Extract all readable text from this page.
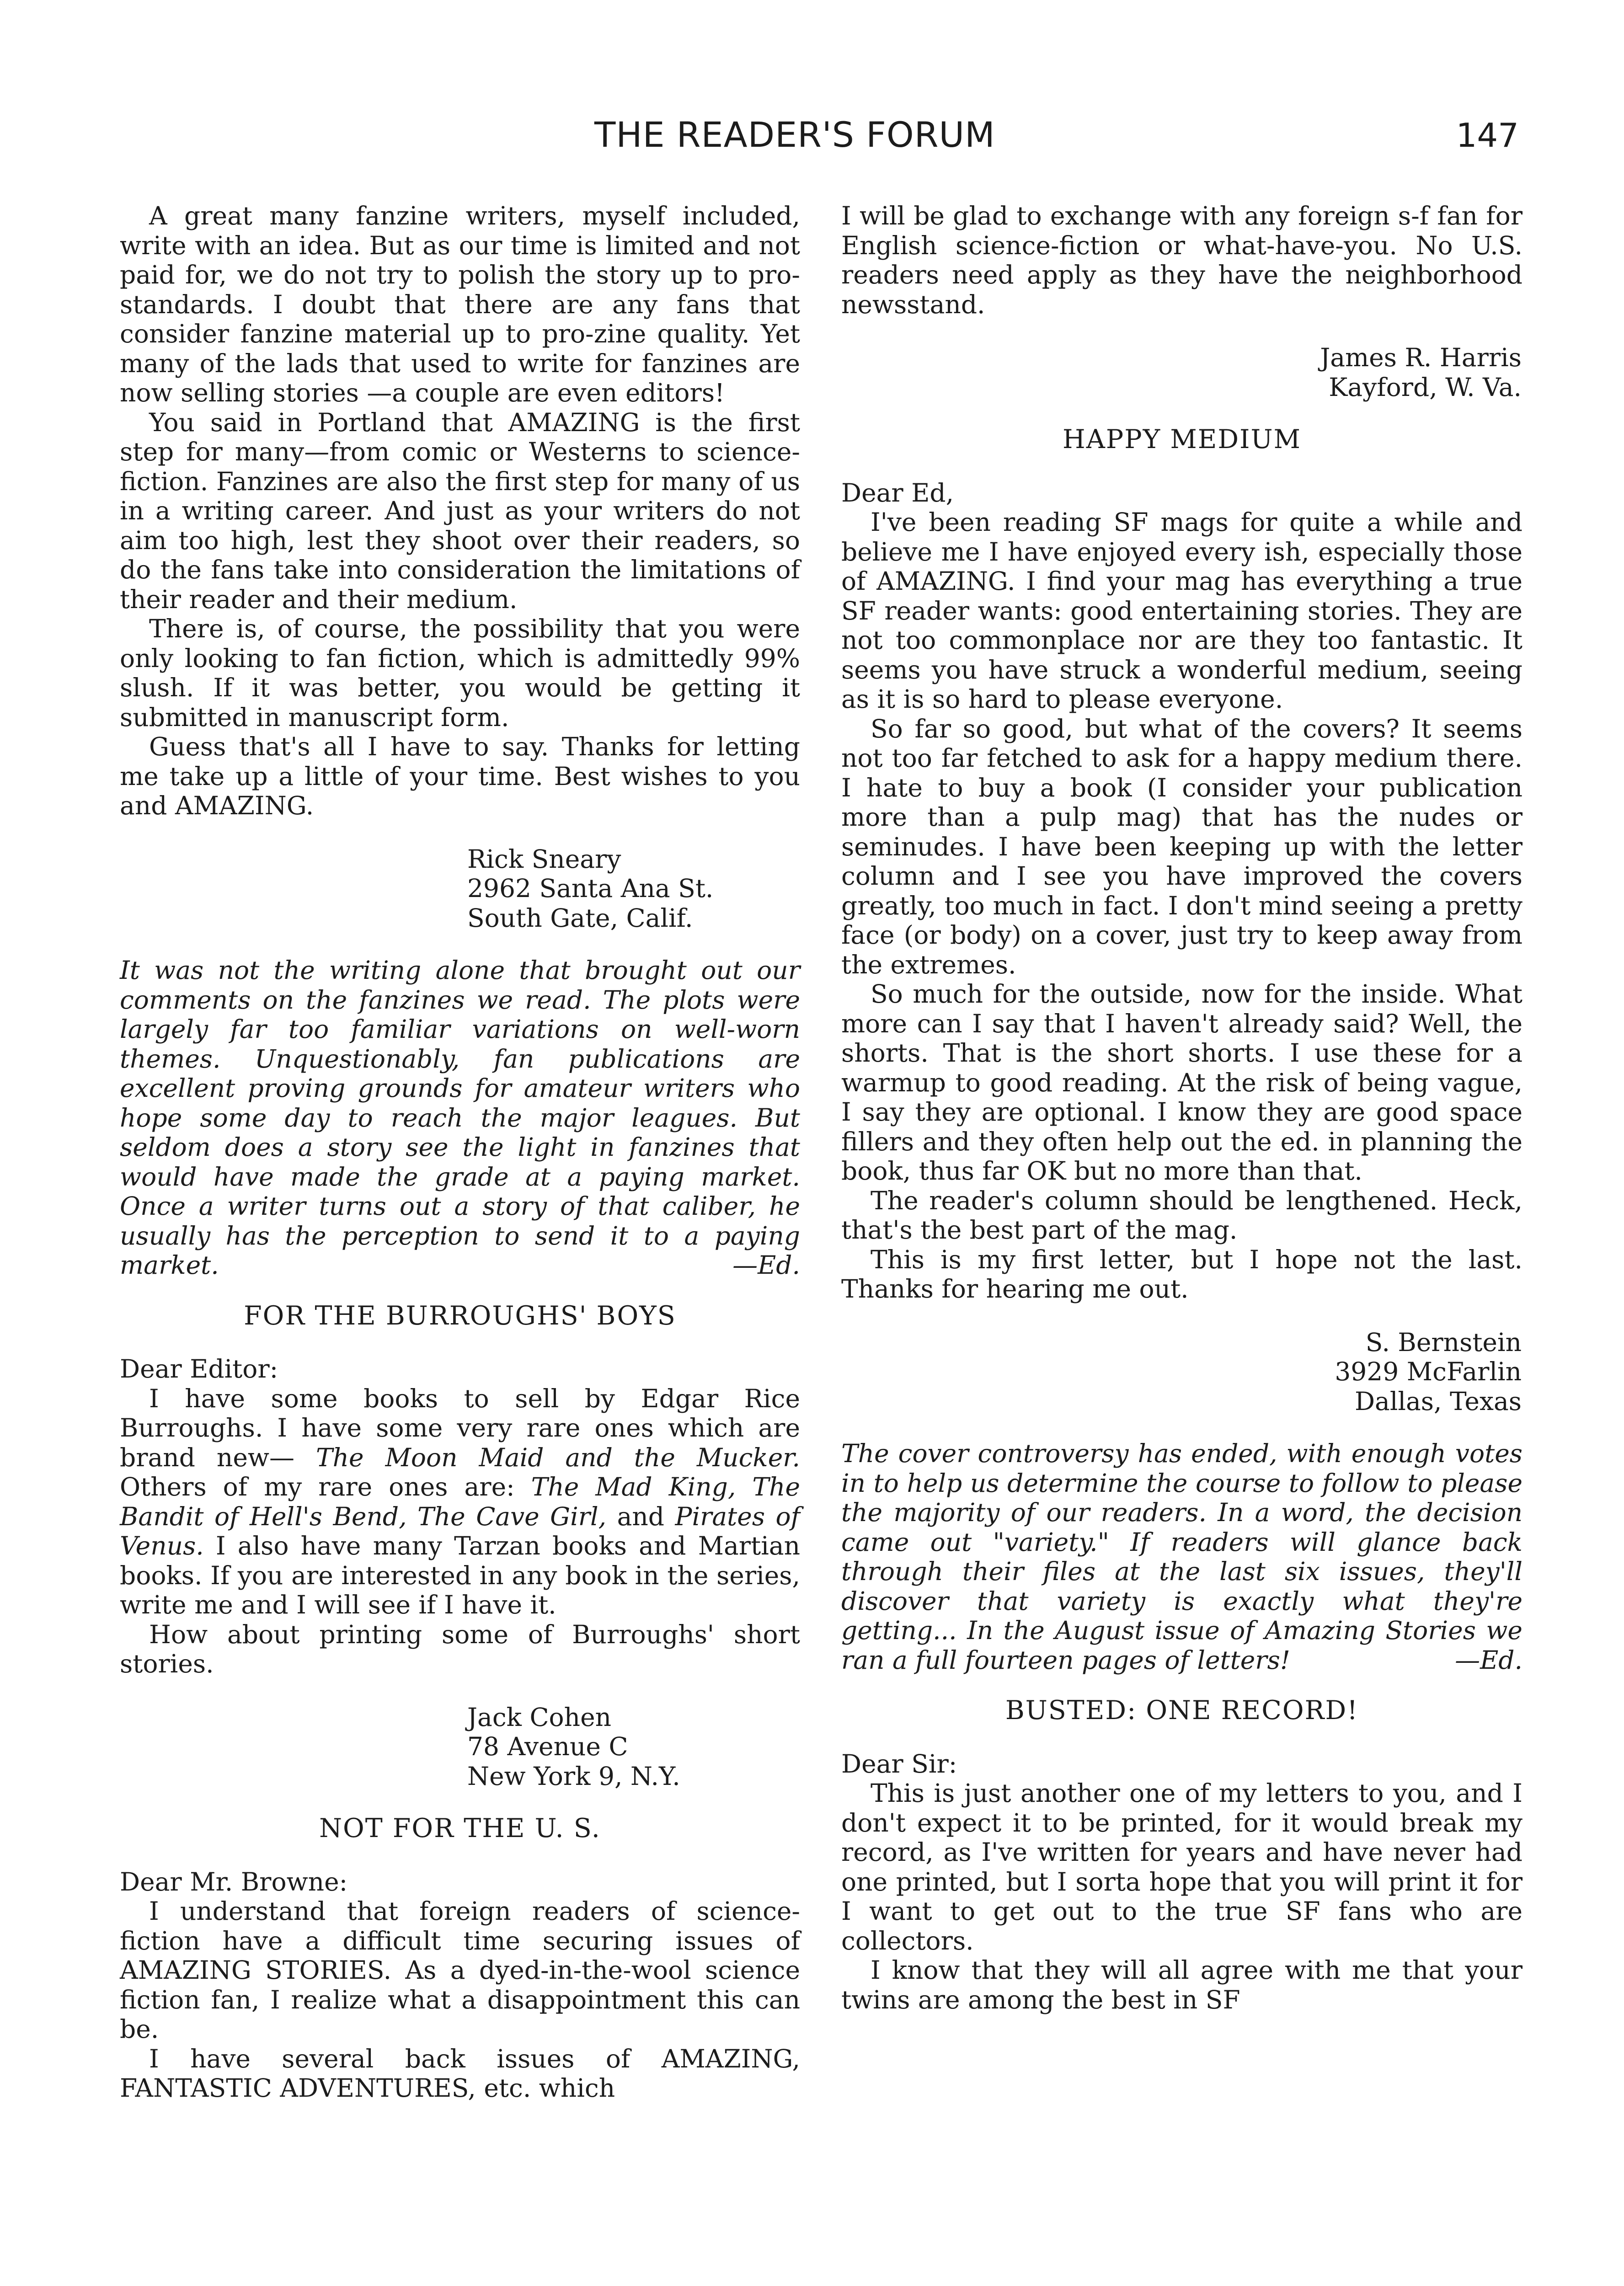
THE READER'S FORUM	147

A great many fanzine writers, myself included, write with an idea. But as our time is limited and not paid for, we do not try to polish the story up to pro-standards. I doubt that there are any fans that consider fanzine material up to pro-zine quality. Yet many of the lads that used to write for fanzines are now selling stories —a couple are even editors!

You said in Portland that AMAZING is the first step for many—from comic or Westerns to science-fiction. Fanzines are also the first step for many of us in a writing career. And just as your writers do not aim too high, lest they shoot over their readers, so do the fans take into consideration the limitations of their reader and their medium.

There is, of course, the possibility that you were only looking to fan fiction, which is admittedly 99% slush. If it was better, you would be getting it submitted in manuscript form.

Guess that's all I have to say. Thanks for letting me take up a little of your time. Best wishes to you and AMAZING.

Rick Sneary
2962 Santa Ana St.
South Gate, Calif.
It was not the writing alone that brought out our comments on the fanzines we read. The plots were largely far too familiar variations on well-worn themes. Unquestionably, fan publications are excellent proving grounds for amateur writers who hope some day to reach the major leagues. But seldom does a story see the light in fanzines that would have made the grade at a paying market. Once a writer turns out a story of that caliber, he usually has the perception to send it to a paying market.	—Ed.
FOR THE BURROUGHS' BOYS

Dear Editor:

I have some books to sell by Edgar Rice Burroughs. I have some very rare ones which are brand new— The Moon Maid and the Mucker. Others of my rare ones are: The Mad King, The Bandit of Hell's Bend, The Cave Girl, and Pirates of Venus. I also have many Tarzan books and Martian books. If you are interested in any book in the series, write me and I will see if I have it.

How about printing some of Burroughs' short stories.

Jack Cohen
78 Avenue C
New York 9, N.Y.
NOT FOR THE U. S.

Dear Mr. Browne:

I understand that foreign readers of science-fiction have a difficult time securing issues of AMAZING STORIES. As a dyed-in-the-wool science fiction fan, I realize what a disappointment this can be.

I have several back issues of AMAZING, FANTASTIC ADVENTURES, etc. which

I will be glad to exchange with any foreign s-f fan for English science-fiction or what-have-you. No U.S. readers need apply as they have the neighborhood newsstand.

James R. Harris
Kayford, W. Va.
HAPPY MEDIUM

Dear Ed,

I've been reading SF mags for quite a while and believe me I have enjoyed every ish, especially those of AMAZING. I find your mag has everything a true SF reader wants: good entertaining stories. They are not too commonplace nor are they too fantastic. It seems you have struck a wonderful medium, seeing as it is so hard to please everyone.

So far so good, but what of the covers? It seems not too far fetched to ask for a happy medium there. I hate to buy a book (I consider your publication more than a pulp mag) that has the nudes or seminudes. I have been keeping up with the letter column and I see you have improved the covers greatly, too much in fact. I don't mind seeing a pretty face (or body) on a cover, just try to keep away from the extremes.

So much for the outside, now for the inside. What more can I say that I haven't already said? Well, the shorts. That is the short shorts. I use these for a warmup to good reading. At the risk of being vague, I say they are optional. I know they are good space fillers and they often help out the ed. in planning the book, thus far OK but no more than that.

The reader's column should be lengthened. Heck, that's the best part of the mag.

This is my first letter, but I hope not the last. Thanks for hearing me out.

S. Bernstein
3929 McFarlin
Dallas, Texas
The cover controversy has ended, with enough votes in to help us determine the course to follow to please the majority of our readers. In a word, the decision came out "variety." If readers will glance back through their files at the last six issues, they'll discover that variety is exactly what they're getting... In the August issue of Amazing Stories we ran a full fourteen pages of letters!	—Ed.
BUSTED: ONE RECORD!

Dear Sir:

This is just another one of my letters to you, and I don't expect it to be printed, for it would break my record, as I've written for years and have never had one printed, but I sorta hope that you will print it for I want to get out to the true SF fans who are collectors.

I know that they will all agree with me that your twins are among the best in SF
